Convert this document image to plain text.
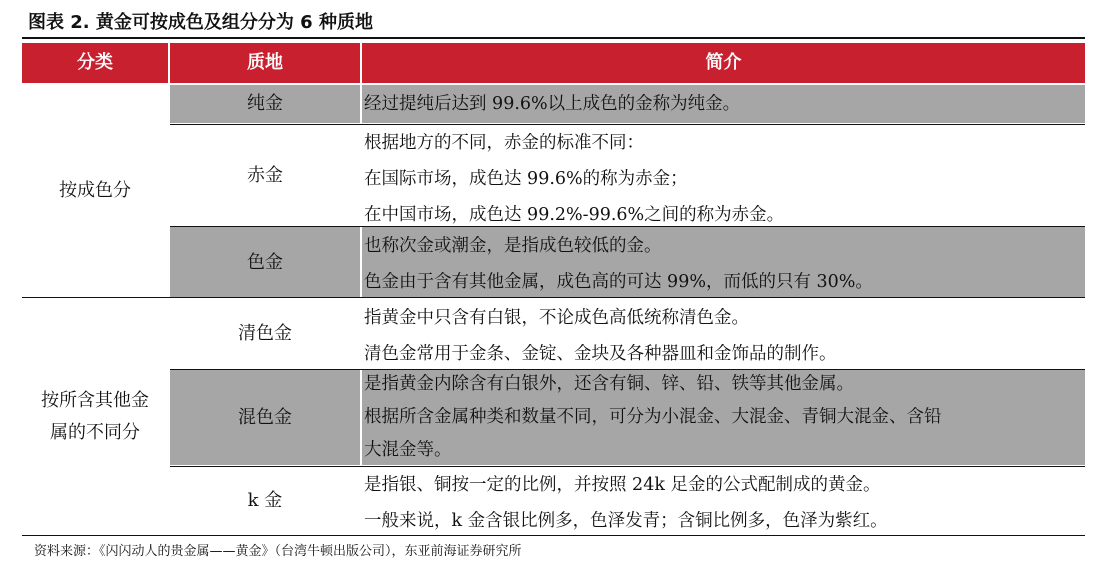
图表 2. 黄金可按成色及组分分为 6 种质地
分类	质地	简介
按成色分
按所含其他金
属的不同分
纯金
赤金
色金
清色金
混色金
k 金
经过提纯后达到 99.6%以上成色的金称为纯金。
根据地方的不同，赤金的标准不同：
在国际市场，成色达 99.6%的称为赤金；
在中国市场，成色达 99.2%-99.6%之间的称为赤金。
也称次金或潮金，是指成色较低的金。
色金由于含有其他金属，成色高的可达 99%，而低的只有 30%。
指黄金中只含有白银，不论成色高低统称清色金。
清色金常用于金条、金锭、金块及各种器皿和金饰品的制作。
是指黄金内除含有白银外，还含有铜、锌、铅、铁等其他金属。
根据所含金属种类和数量不同，可分为小混金、大混金、青铜大混金、含铅
大混金等。
是指银、铜按一定的比例，并按照 24k 足金的公式配制成的黄金。
一般来说，k 金含银比例多，色泽发青；含铜比例多，色泽为紫红。
资料来源：《闪闪动人的贵金属——黄金》（台湾牛顿出版公司），东亚前海证券研究所
